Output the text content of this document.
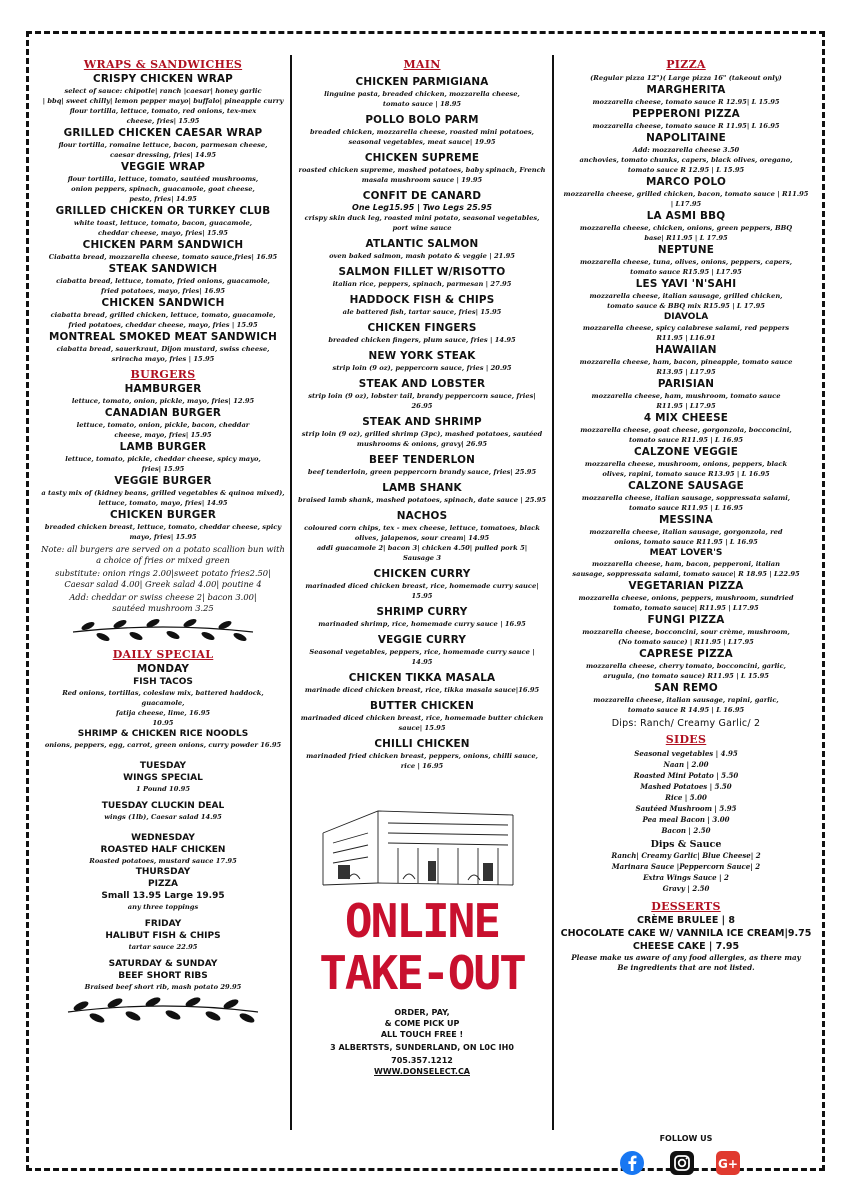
WRAPS & SANDWICHES
CRISPY CHICKEN WRAP
select of sauce: chipotle| ranch |caesar| honey garlic
| bbq| sweet chilly| lemon pepper mayo| buffalo| pineapple curry
flour tortilla, lettuce, tomato, red onions, tex-mex
cheese, fries| 15.95
GRILLED CHICKEN CAESAR WRAP
flour tortilla, romaine lettuce, bacon, parmesan cheese,
caesar dressing, fries| 14.95
VEGGIE WRAP
flour tortilla, lettuce, tomato, sautéed mushrooms,
onion peppers, spinach, guacamole, goat cheese,
pesto, fries| 14.95
GRILLED CHICKEN OR TURKEY CLUB
white toast, lettuce, tomato, bacon, guacamole,
cheddar cheese, mayo, fries| 15.95
CHICKEN PARM SANDWICH
Ciabatta bread, mozzarella cheese, tomato sauce,fries| 16.95
STEAK SANDWICH
ciabatta bread, lettuce, tomato, fried onions, guacamole,
fried potatoes, mayo, fries| 16.95
CHICKEN SANDWICH
ciabatta bread, grilled chicken, lettuce, tomato, guacamole,
fried potatoes, cheddar cheese, mayo, fries | 15.95
MONTREAL SMOKED MEAT SANDWICH
ciabatta bread, sauerkraut, Dijon mustard, swiss cheese,
sriracha mayo, fries | 15.95
BURGERS
HAMBURGER
lettuce, tomato, onion, pickle, mayo, fries| 12.95
CANADIAN BURGER
lettuce, tomato, onion, pickle, bacon, cheddar
cheese, mayo, fries| 15.95
LAMB BURGER
lettuce, tomato, pickle, cheddar cheese, spicy mayo,
fries| 15.95
VEGGIE BURGER
a tasty mix of (kidney beans, grilled vegetables & quinoa mixed),
lettuce, tomato, mayo, fries| 14.95
CHICKEN BURGER
breaded chicken breast, lettuce, tomato, cheddar cheese, spicy
mayo, fries| 15.95
Note: all burgers are served on a potato scallion bun with
a choice of fries or mixed green
substitute: onion rings 2.00|sweet potato fries2.50|
Caesar salad 4.00| Greek salad 4.00| poutine 4
Add: cheddar or swiss cheese 2| bacon 3.00|
sautéed mushroom 3.25
DAILY SPECIAL
MONDAY
FISH TACOS
Red onions, tortillas, coleslaw mix, battered haddock, guacamole,
fatija cheese, lime, 16.95
10.95
SHRIMP & CHICKEN RICE NOODLS
onions, peppers, egg, carrot, green onions, curry powder 16.95
TUESDAY
WINGS SPECIAL
1 Pound 10.95
TUESDAY CLUCKIN DEAL
wings (1lb), Caesar salad 14.95
WEDNESDAY
ROASTED HALF CHICKEN
Roasted potatoes, mustard sauce 17.95
THURSDAY
PIZZA
Small 13.95 Large 19.95
any three toppings
FRIDAY
HALIBUT FISH & CHIPS
tartar sauce 22.95
SATURDAY & SUNDAY
BEEF SHORT RIBS
Braised beef short rib, mash potato 29.95
MAIN
CHICKEN PARMIGIANA
linguine pasta, breaded chicken, mozzarella cheese,
tomato sauce | 18.95
POLLO BOLO PARM
breaded chicken, mozzarella cheese, roasted mini potatoes,
seasonal vegetables, meat sauce| 19.95
CHICKEN SUPREME
roasted chicken supreme, mashed potatoes, baby spinach, French
masala mushroom sauce | 19.95
CONFIT DE CANARD
One Leg15.95 | Two Legs 25.95
crispy skin duck leg, roasted mini potato, seasonal vegetables,
port wine sauce
ATLANTIC SALMON
oven baked salmon, mash potato & veggie | 21.95
SALMON FILLET W/RISOTTO
italian rice, peppers, spinach, parmesan | 27.95
HADDOCK FISH & CHIPS
ale battered fish, tartar sauce, fries| 15.95
CHICKEN FINGERS
breaded chicken fingers, plum sauce, fries | 14.95
NEW YORK STEAK
strip loin (9 oz), peppercorn sauce, fries | 20.95
STEAK AND LOBSTER
strip loin (9 oz), lobster tail, brandy peppercorn sauce, fries| 26.95
STEAK AND SHRIMP
strip loin (9 oz), grilled shrimp (3pc), mashed potatoes, sautéed
mushrooms & onions, gravy| 26.95
BEEF TENDERLON
beef tenderloin, green peppercorn brandy sauce, fries| 25.95
LAMB SHANK
braised lamb shank, mashed potatoes, spinach, date sauce | 25.95
NACHOS
coloured corn chips, tex - mex cheese, lettuce, tomatoes, black
olives, jalapenos, sour cream| 14.95
addi guacamole 2| bacon 3| chicken 4.50| pulled pork 5|
Sausage 3
CHICKEN CURRY
marinaded diced chicken breast, rice, homemade curry sauce| 15.95
SHRIMP CURRY
marinaded shrimp, rice, homemade curry sauce | 16.95
VEGGIE CURRY
Seasonal vegetables, peppers, rice, homemade curry sauce | 14.95
CHICKEN TIKKA MASALA
marinade diced chicken breast, rice, tikka masala sauce|16.95
BUTTER CHICKEN
marinaded diced chicken breast, rice, homemade butter chicken
sauce| 15.95
CHILLI CHICKEN
marinaded fried chicken breast, peppers, onions, chilli sauce, rice | 16.95
ONLINE
TAKE-OUT
ORDER, PAY,
& COME PICK UP
ALL TOUCH FREE !
3 ALBERTSTS, SUNDERLAND, ON L0C IH0
705.357.1212
WWW.DONSELECT.CA
PIZZA
(Regular pizza 12")( Large pizza 16" (takeout only)
MARGHERITA
mozzarella cheese, tomato sauce R 12.95| L 15.95
PEPPERONI PIZZA
mozzarella cheese, tomato sauce R 11.95| L 16.95
NAPOLITAINE
Add: mozzarella cheese 3.50
anchovies, tomato chunks, capers, black olives, oregano,
tomato sauce R 12.95 | L 15.95
MARCO POLO
mozzarella cheese, grilled chicken, bacon, tomato sauce | R11.95
| L17.95
LA ASMI BBQ
mozzarella cheese, chicken, onions, green peppers, BBQ
base| R11.95 | L 17.95
NEPTUNE
mozzarella cheese, tuna, olives, onions, peppers, capers,
tomato sauce R15.95 | L17.95
LES YAVI 'N'SAHI
mozzarella cheese, italian sausage, grilled chicken,
tomato sauce & BBQ mix R15.95 | L 17.95
DIAVOLA
mozzarella cheese, spicy calabrese salami, red peppers
R11.95 | L16.91
HAWAIIAN
mozzarella cheese, ham, bacon, pineapple, tomato sauce
R13.95 | L17.95
PARISIAN
mozzarella cheese, ham, mushroom, tomato sauce
R11.95 | L17.95
4 MIX CHEESE
mozzarella cheese, goat cheese, gorgonzola, bocconcini,
tomato sauce R11.95 | L 16.95
CALZONE VEGGIE
mozzarella cheese, mushroom, onions, peppers, black
olives, rapini, tomato sauce R13.95 | L 16.95
CALZONE SAUSAGE
mozzarella cheese, italian sausage, soppressata salami,
tomato sauce R11.95 | L 16.95
MESSINA
mozzarella cheese, italian sausage, gorgonzola, red
onions, tomato sauce R11.95 | L 16.95
MEAT LOVER'S
mozzarella cheese, ham, bacon, pepperoni, italian
sausage, soppressata salami, tomato sauce| R 18.95 | L22.95
VEGETARIAN PIZZA
mozzarella cheese, onions, peppers, mushroom, sundried
tomato, tomato sauce| R11.95 | L17.95
FUNGI PIZZA
mozzarella cheese, bocconcini, sour crème, mushroom,
(No tomato sauce) | R11.95 | L17.95
CAPRESE PIZZA
mozzarella cheese, cherry tomato, bocconcini, garlic,
arugula, (no tomato sauce) R11.95 | L 15.95
SAN REMO
mozzarella cheese, italian sausage, rapini, garlic,
tomato sauce R 14.95 | L 16.95
Dips: Ranch/ Creamy Garlic/ 2
SIDES
Seasonal vegetables | 4.95
Naan | 2.00
Roasted Mini Potato | 5.50
Mashed Potatoes | 5.50
Rice | 5.00
Sautéed Mushroom | 5.95
Pea meal Bacon | 3.00
Bacon | 2.50
Dips & Sauce
Ranch| Creamy Garlic| Blue Cheese| 2
Marinara Sauce |Peppercorn Sauce| 2
Extra Wings Sauce | 2
Gravy | 2.50
DESSERTS
CRÈME BRULEE | 8
CHOCOLATE CAKE W/ VANNILA ICE CREAM|9.75
CHEESE CAKE | 7.95
Please make us aware of any food allergies, as there may
Be ingredients that are not listed.
FOLLOW US
G+
